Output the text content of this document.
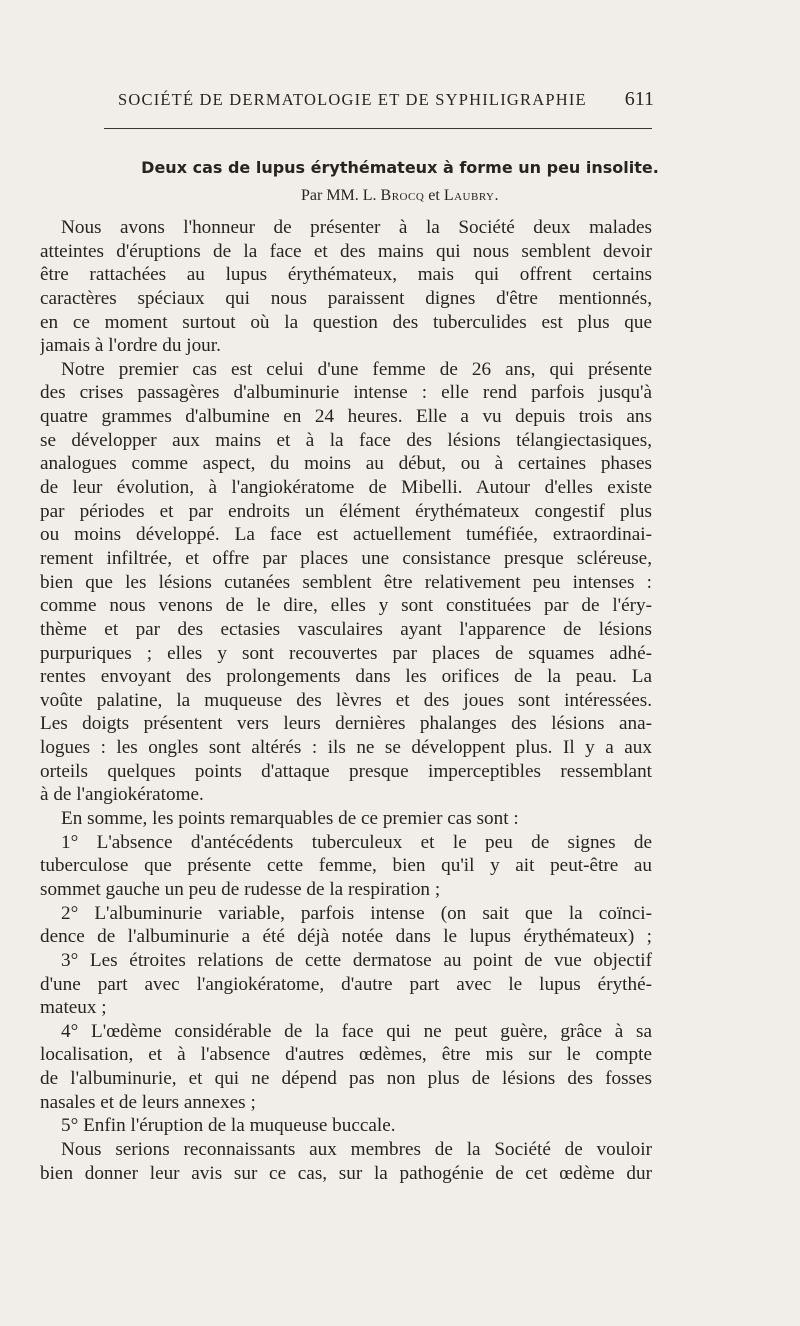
SOCIÉTÉ DE DERMATOLOGIE ET DE SYPHILIGRAPHIE 611
Deux cas de lupus érythémateux à forme un peu insolite.
Par MM. L. Brocq et Laubry.
Nous avons l'honneur de présenter à la Société deux malades
atteintes d'éruptions de la face et des mains qui nous semblent devoir
être rattachées au lupus érythémateux, mais qui offrent certains
caractères spéciaux qui nous paraissent dignes d'être mentionnés,
en ce moment surtout où la question des tuberculides est plus que
jamais à l'ordre du jour.
Notre premier cas est celui d'une femme de 26 ans, qui présente
des crises passagères d'albuminurie intense : elle rend parfois jusqu'à
quatre grammes d'albumine en 24 heures. Elle a vu depuis trois ans
se développer aux mains et à la face des lésions télangiectasiques,
analogues comme aspect, du moins au début, ou à certaines phases
de leur évolution, à l'angiokératome de Mibelli. Autour d'elles existe
par périodes et par endroits un élément érythémateux congestif plus
ou moins développé. La face est actuellement tuméfiée, extraordinai-
rement infiltrée, et offre par places une consistance presque scléreuse,
bien que les lésions cutanées semblent être relativement peu intenses :
comme nous venons de le dire, elles y sont constituées par de l'éry-
thème et par des ectasies vasculaires ayant l'apparence de lésions
purpuriques ; elles y sont recouvertes par places de squames adhé-
rentes envoyant des prolongements dans les orifices de la peau. La
voûte palatine, la muqueuse des lèvres et des joues sont intéressées.
Les doigts présentent vers leurs dernières phalanges des lésions ana-
logues : les ongles sont altérés : ils ne se développent plus. Il y a aux
orteils quelques points d'attaque presque imperceptibles ressemblant
à de l'angiokératome.
En somme, les points remarquables de ce premier cas sont :
1° L'absence d'antécédents tuberculeux et le peu de signes de
tuberculose que présente cette femme, bien qu'il y ait peut-être au
sommet gauche un peu de rudesse de la respiration ;
2° L'albuminurie variable, parfois intense (on sait que la coïnci-
dence de l'albuminurie a été déjà notée dans le lupus érythémateux) ;
3° Les étroites relations de cette dermatose au point de vue objectif
d'une part avec l'angiokératome, d'autre part avec le lupus érythé-
mateux ;
4° L'œdème considérable de la face qui ne peut guère, grâce à sa
localisation, et à l'absence d'autres œdèmes, être mis sur le compte
de l'albuminurie, et qui ne dépend pas non plus de lésions des fosses
nasales et de leurs annexes ;
5° Enfin l'éruption de la muqueuse buccale.
Nous serions reconnaissants aux membres de la Société de vouloir
bien donner leur avis sur ce cas, sur la pathogénie de cet œdème dur
